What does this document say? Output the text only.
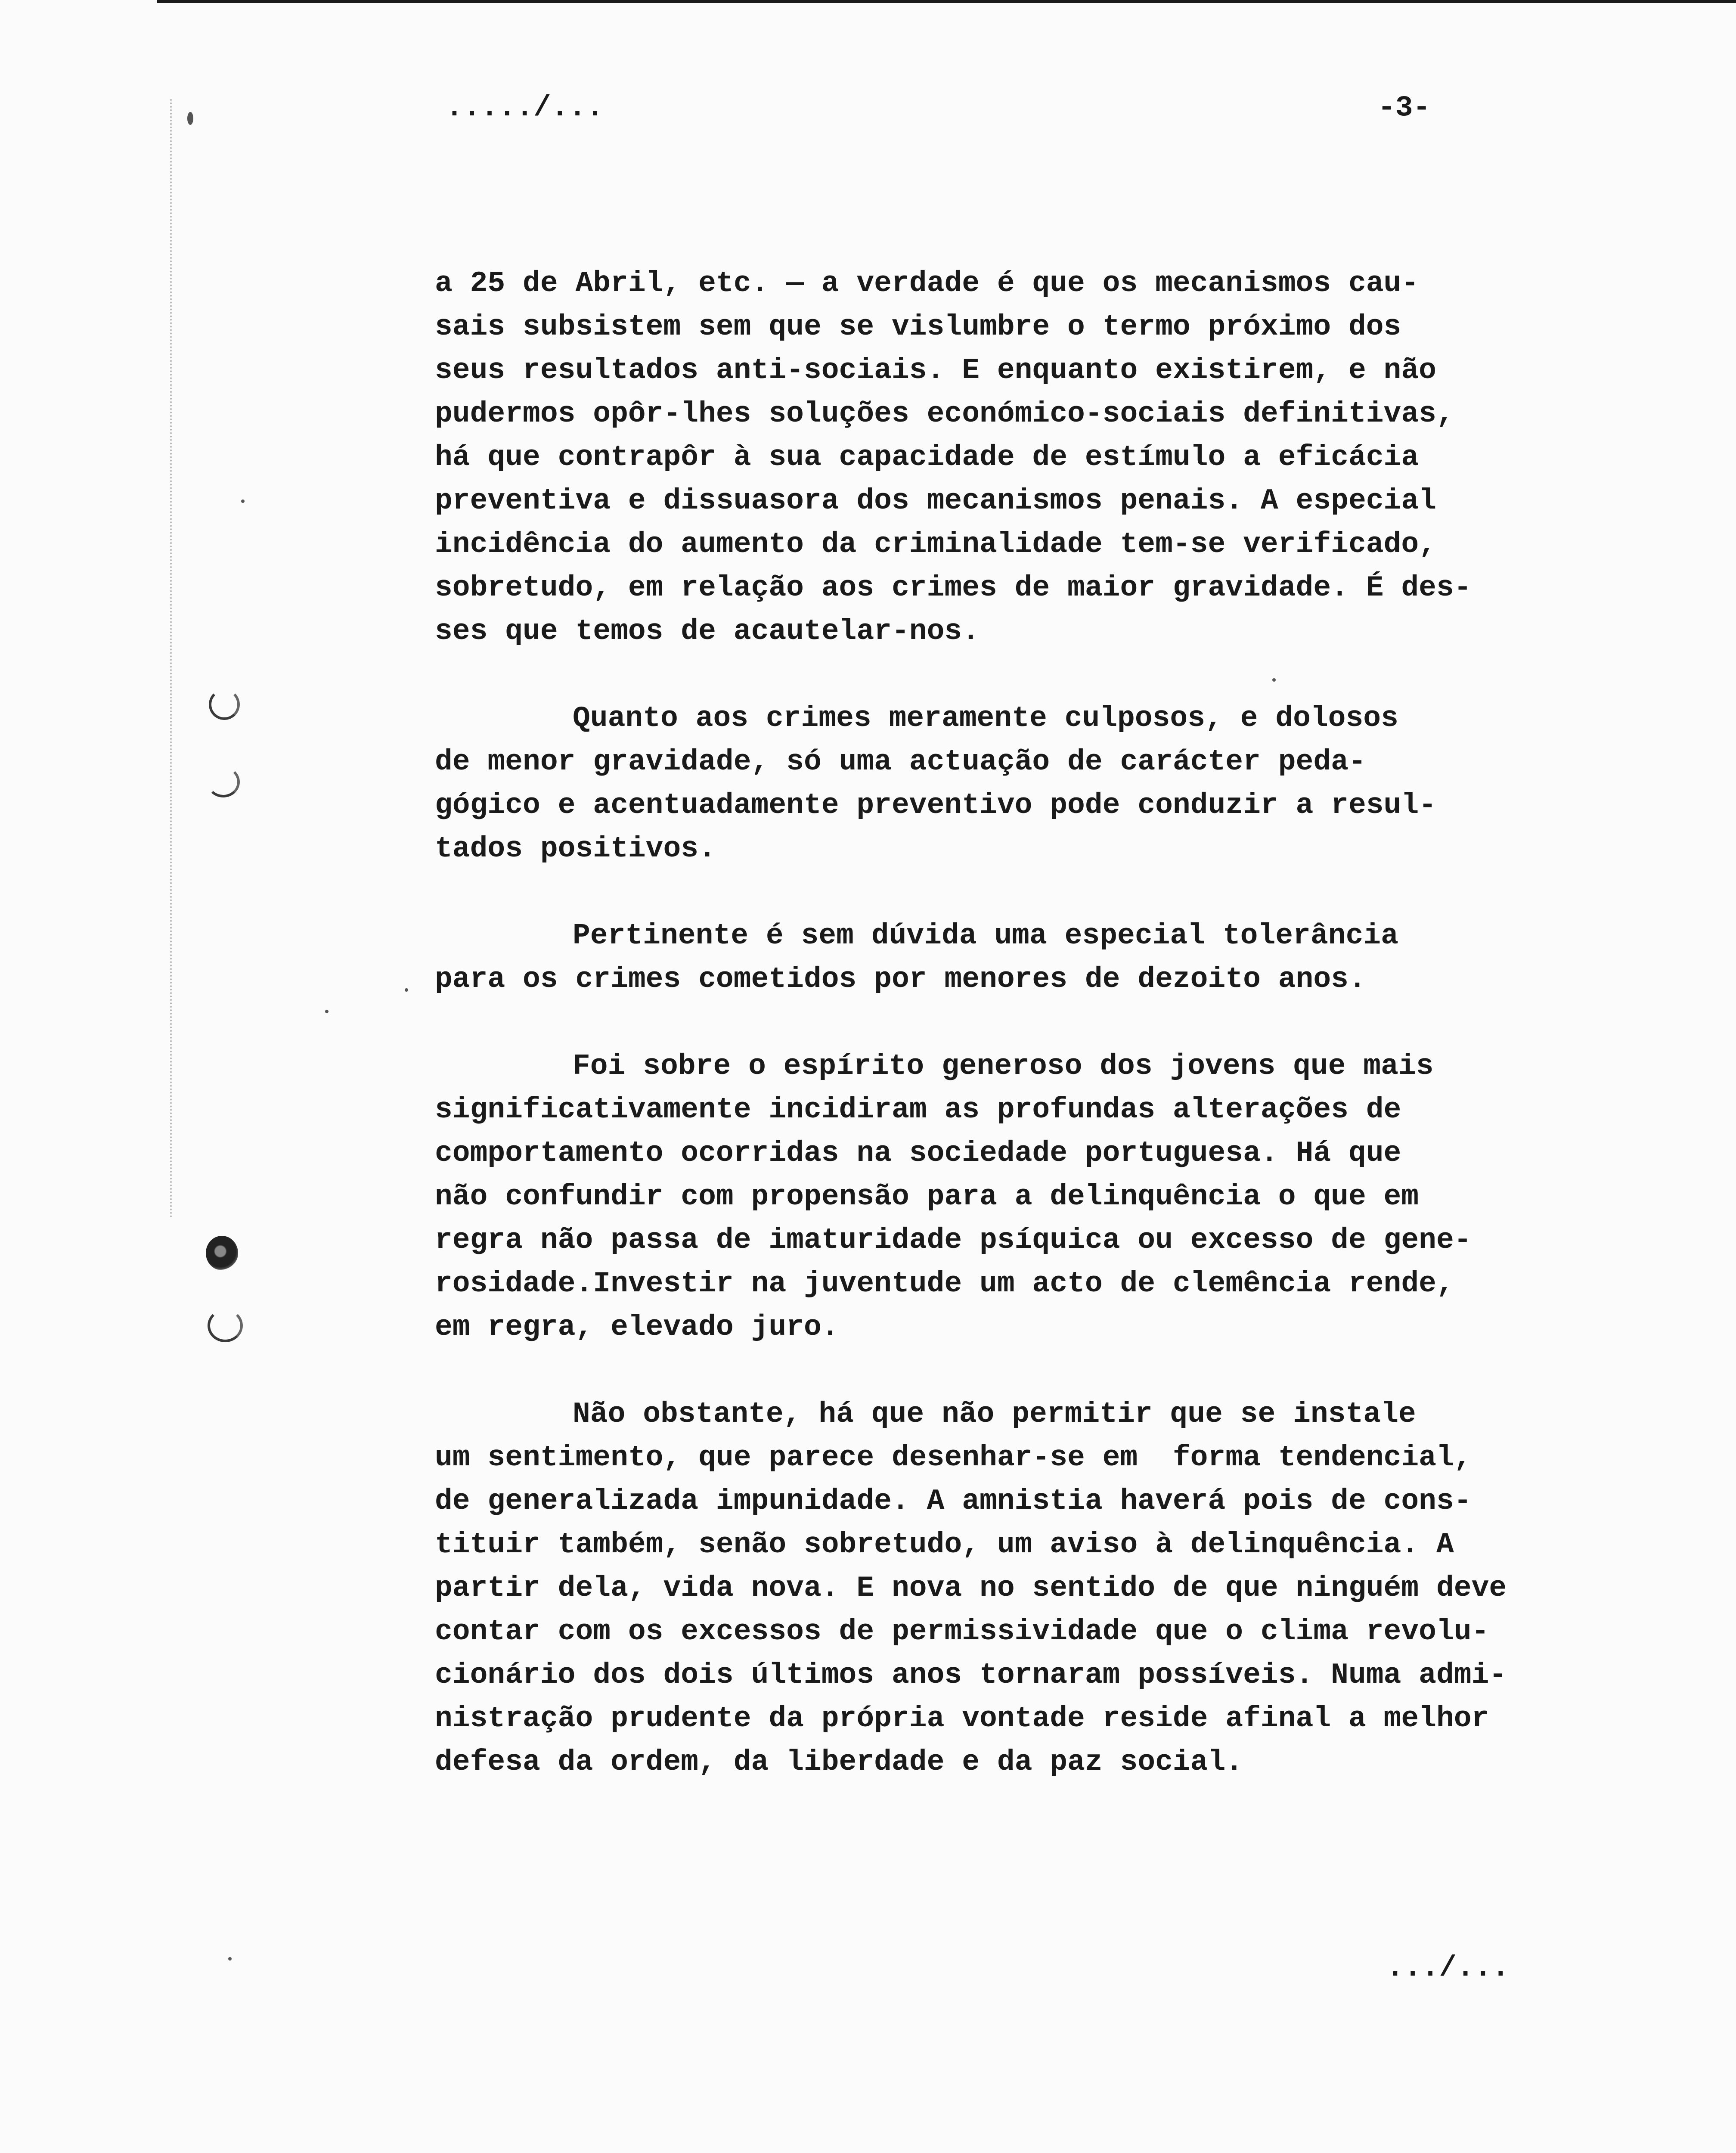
...../...	-3-
a 25 de Abril, etc. — a verdade é que os mecanismos cau-
sais subsistem sem que se vislumbre o termo próximo dos
seus resultados anti-sociais. E enquanto existirem, e não
pudermos opôr-lhes soluções económico-sociais definitivas,
há que contrapôr à sua capacidade de estímulo a eficácia
preventiva e dissuasora dos mecanismos penais. A especial
incidência do aumento da criminalidade tem-se verificado,
sobretudo, em relação aos crimes de maior gravidade. É des-
ses que temos de acautelar-nos.
Quanto aos crimes meramente culposos, e dolosos
de menor gravidade, só uma actuação de carácter peda-
gógico e acentuadamente preventivo pode conduzir a resul-
tados positivos.
Pertinente é sem dúvida uma especial tolerância
para os crimes cometidos por menores de dezoito anos.
Foi sobre o espírito generoso dos jovens que mais
significativamente incidiram as profundas alterações de
comportamento ocorridas na sociedade portuguesa. Há que
não confundir com propensão para a delinquência o que em
regra não passa de imaturidade psíquica ou excesso de gene-
rosidade.Investir na juventude um acto de clemência rende,
em regra, elevado juro.
Não obstante, há que não permitir que se instale
um sentimento, que parece desenhar-se em  forma tendencial,
de generalizada impunidade. A amnistia haverá pois de cons-
tituir também, senão sobretudo, um aviso à delinquência. A
partir dela, vida nova. E nova no sentido de que ninguém deve
contar com os excessos de permissividade que o clima revolu-
cionário dos dois últimos anos tornaram possíveis. Numa admi-
nistração prudente da própria vontade reside afinal a melhor
defesa da ordem, da liberdade e da paz social.
.../...
